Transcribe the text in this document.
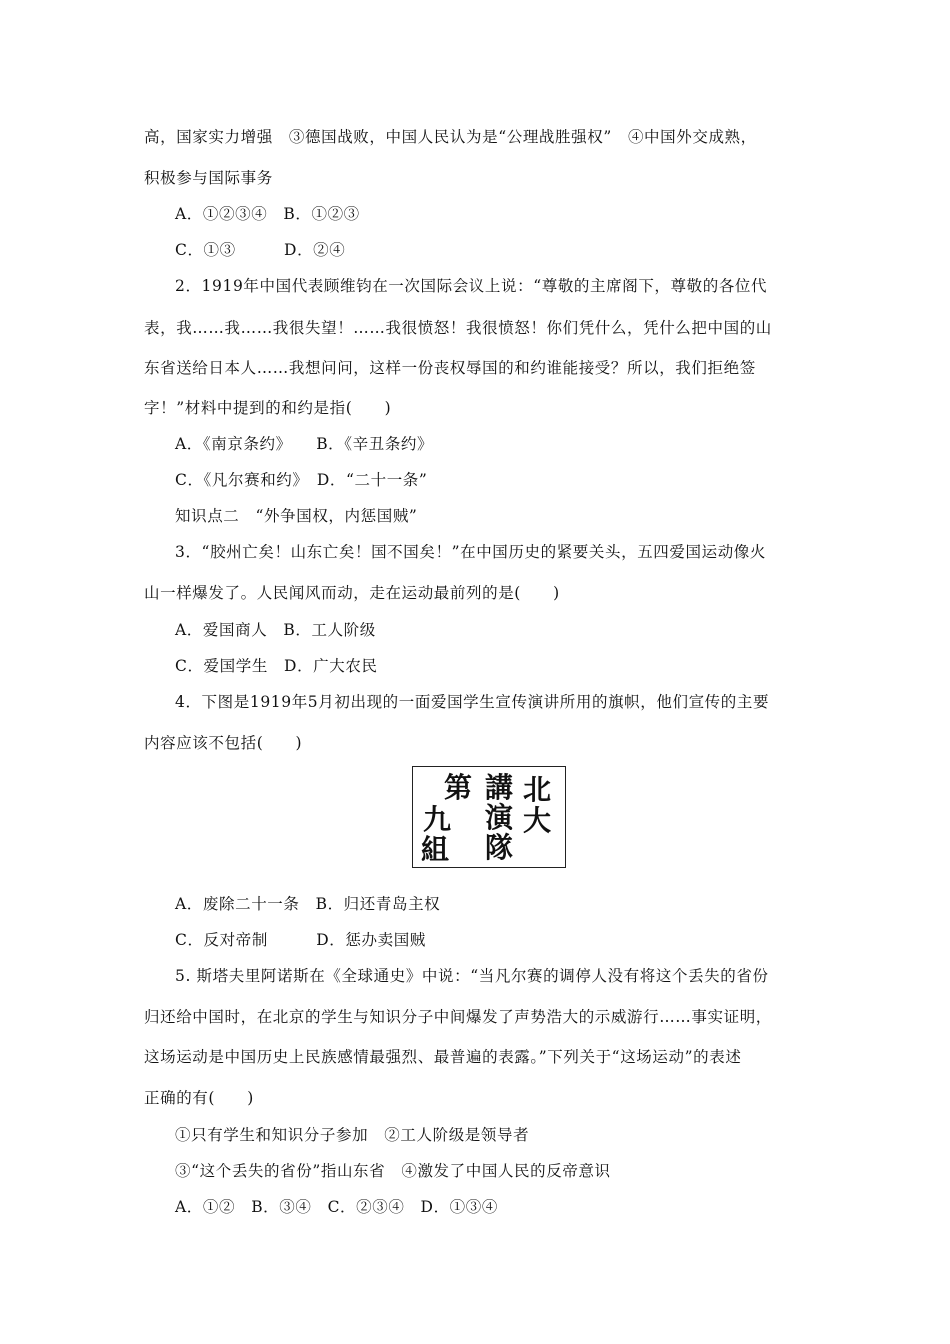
高，国家实力增强　③德国战败，中国人民认为是“公理战胜强权”　④中国外交成熟，
积极参与国际事务
A．①②③④　B．①②③
C．①③　　　D．②④
2．1919年中国代表顾维钧在一次国际会议上说：“尊敬的主席阁下，尊敬的各位代
表，我……我……我很失望！……我很愤怒！我很愤怒！你们凭什么，凭什么把中国的山
东省送给日本人……我想问问，这样一份丧权辱国的和约谁能接受？所以，我们拒绝签
字！”材料中提到的和约是指(　　)
A．《南京条约》　　B．《辛丑条约》
C．《凡尔赛和约》　D．“二十一条”
知识点二　“外争国权，内惩国贼”
3．“胶州亡矣！山东亡矣！国不国矣！”在中国历史的紧要关头，五四爱国运动像火
山一样爆发了。人民闻风而动，走在运动最前列的是(　　)
A．爱国商人　B．工人阶级
C．爱国学生　D．广大农民
4．下图是1919年5月初出现的一面爱国学生宣传演讲所用的旗帜，他们宣传的主要
内容应该不包括(　　)
北
大
講
演
隊
第
九
組
A．废除二十一条　B．归还青岛主权
C．反对帝制　　　D．惩办卖国贼
5. 斯塔夫里阿诺斯在《全球通史》中说：“当凡尔赛的调停人没有将这个丢失的省份
归还给中国时，在北京的学生与知识分子中间爆发了声势浩大的示威游行……事实证明，
这场运动是中国历史上民族感情最强烈、最普遍的表露。”下列关于“这场运动”的表述
正确的有(　　)
①只有学生和知识分子参加　②工人阶级是领导者
③“这个丢失的省份”指山东省　④激发了中国人民的反帝意识
A．①②　B．③④　C．②③④　D．①③④
